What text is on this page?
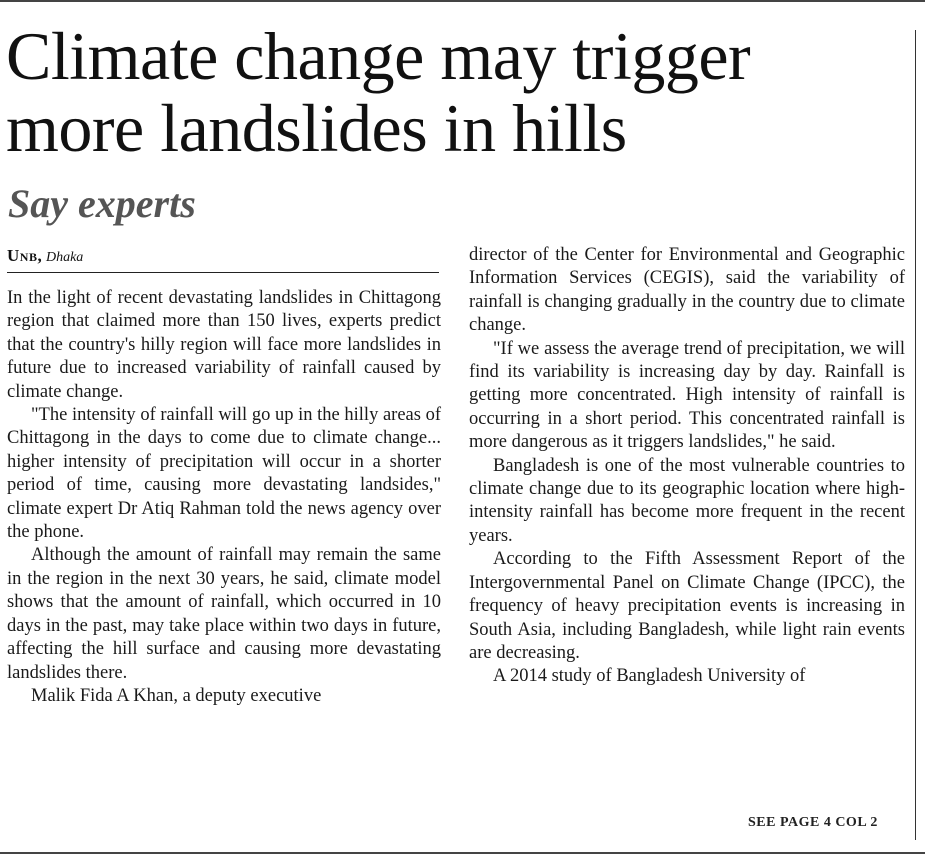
Climate change may trigger
more landslides in hills
Say experts
Unb, Dhaka

In the light of recent devastating landslides in Chittagong region that claimed more than 150 lives, experts predict that the country's hilly region will face more landslides in future due to increased variability of rainfall caused by climate change.

"The intensity of rainfall will go up in the hilly areas of Chittagong in the days to come due to climate change... higher intensity of precipitation will occur in a shorter period of time, causing more devastating landsides," climate expert Dr Atiq Rahman told the news agency over the phone.

Although the amount of rainfall may remain the same in the region in the next 30 years, he said, climate model shows that the amount of rainfall, which occurred in 10 days in the past, may take place within two days in future, affecting the hill surface and causing more devastating landslides there.

Malik Fida A Khan, a deputy executive

director of the Center for Environmental and Geographic Information Services (CEGIS), said the variability of rainfall is changing gradually in the country due to climate change.

"If we assess the average trend of precipitation, we will find its variability is increasing day by day. Rainfall is getting more concentrated. High intensity of rainfall is occurring in a short period. This concentrated rainfall is more dangerous as it triggers landslides," he said.

Bangladesh is one of the most vulnerable countries to climate change due to its geographic location where high-intensity rainfall has become more frequent in the recent years.

According to the Fifth Assessment Report of the Intergovernmental Panel on Climate Change (IPCC), the frequency of heavy precipitation events is increasing in South Asia, including Bangladesh, while light rain events are decreasing.

A 2014 study of Bangladesh University of

SEE PAGE 4 COL 2
